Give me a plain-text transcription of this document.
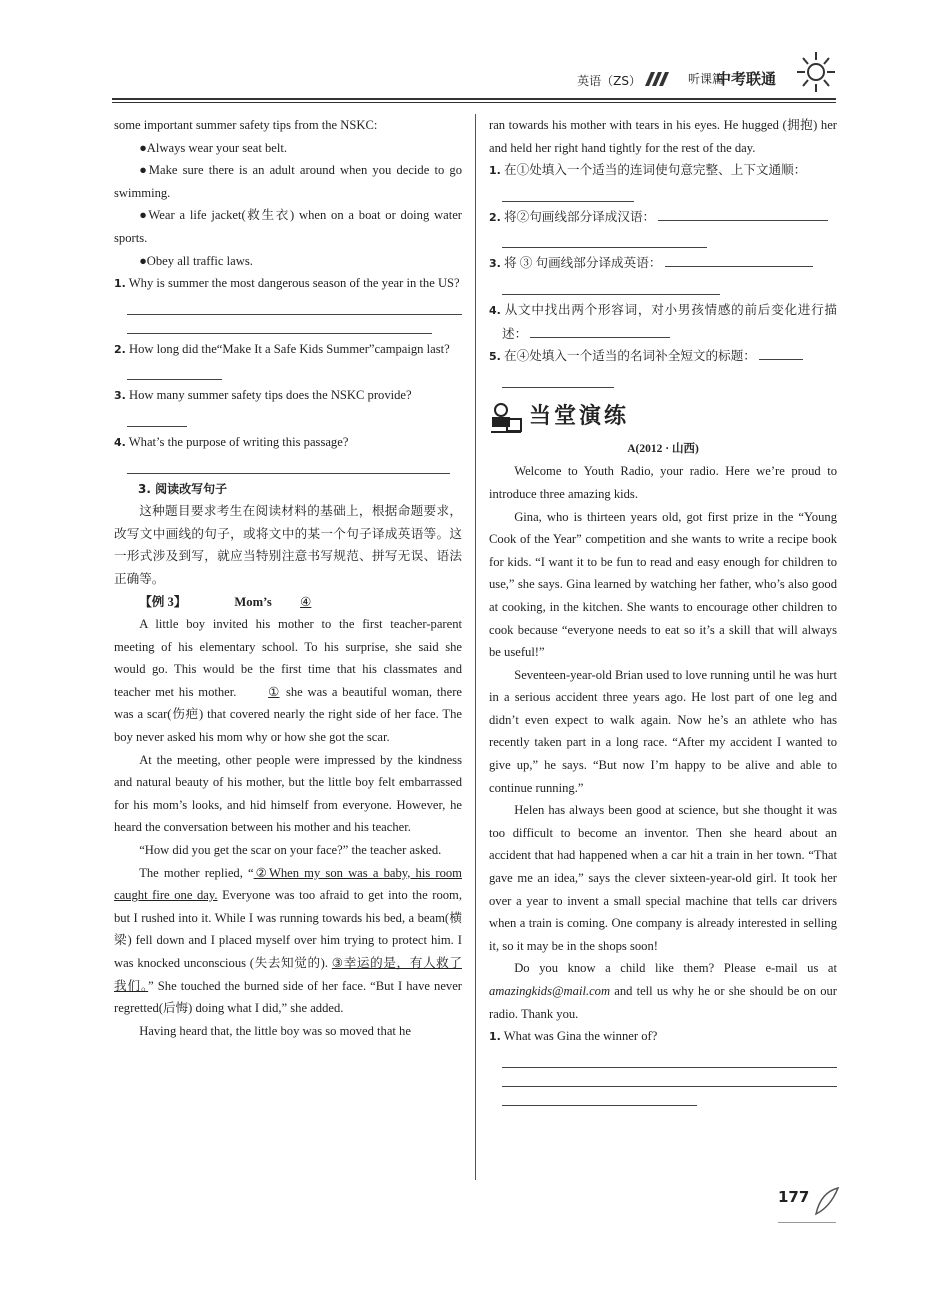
英语（ZS）	听课篇
中考联通

some important summer safety tips from the NSKC:

●Always wear your seat belt.

●Make sure there is an adult around when you decide to go swimming.

●Wear a life jacket(救生衣) when on a boat or doing water sports.

●Obey all traffic laws.

1. Why is summer the most dangerous season of the year in the US?

2. How long did the“Make It a Safe Kids Summer”campaign last?

3. How many summer safety tips does the NSKC provide?

4. What’s the purpose of writing this passage?

3. 阅读改写句子

这种题目要求考生在阅读材料的基础上，根据命题要求，改写文中画线的句子，或将文中的某一个句子译成英语等。这一形式涉及到写，就应当特别注意书写规范、拼写无误、语法正确等。

【例 3】	Mom’s ④

A little boy invited his mother to the first teacher-parent meeting of his elementary school. To his surprise, she said she would go. This would be the first time that his classmates and teacher met his mother.	① she was a beautiful woman, there was a scar(伤疤) that covered nearly the right side of her face. The boy never asked his mom why or how she got the scar.

At the meeting, other people were impressed by the kindness and natural beauty of his mother, but the little boy felt embarrassed for his mom’s looks, and hid himself from everyone. However, he heard the conversation between his mother and his teacher.

“How did you get the scar on your face?” the teacher asked.

The mother replied, “②When my son was a baby, his room caught fire one day. Everyone was too afraid to get into the room, but I rushed into it. While I was running towards his bed, a beam(横梁) fell down and I placed myself over him trying to protect him. I was knocked unconscious (失去知觉的). ③幸运的是，有人救了我们。” She touched the burned side of her face. “But I have never regretted(后悔) doing what I did,” she added.

Having heard that, the little boy was so moved that he

ran towards his mother with tears in his eyes. He hugged (拥抱) her and held her right hand tightly for the rest of the day.

1. 在①处填入一个适当的连词使句意完整、上下文通顺：

2. 将②句画线部分译成汉语：

3. 将 ③ 句画线部分译成英语：

4. 从文中找出两个形容词，对小男孩情感的前后变化进行描述：

5. 在④处填入一个适当的名词补全短文的标题：

当堂演练

A(2012 · 山西)

Welcome to Youth Radio, your radio. Here we’re proud to introduce three amazing kids.

Gina, who is thirteen years old, got first prize in the “Young Cook of the Year” competition and she wants to write a recipe book for kids. “I want it to be fun to read and easy enough for children to use,” she says. Gina learned by watching her father, who’s also good at cooking, in the kitchen. She wants to encourage other children to cook because “everyone needs to eat so it’s a skill that will always be useful!”

Seventeen-year-old Brian used to love running until he was hurt in a serious accident three years ago. He lost part of one leg and didn’t even expect to walk again. Now he’s an athlete who has recently taken part in a long race. “After my accident I wanted to give up,” he says. “But now I’m happy to be alive and able to continue running.”

Helen has always been good at science, but she thought it was too difficult to become an inventor. Then she heard about an accident that had happened when a car hit a train in her town. “That gave me an idea,” says the clever sixteen-year-old girl. It took her over a year to invent a small special machine that tells car drivers when a train is coming. One company is already interested in selling it, so it may be in the shops soon!

Do you know a child like them? Please e-mail us at amazingkids@mail.com and tell us why he or she should be on our radio. Thank you.

1. What was Gina the winner of?

177
